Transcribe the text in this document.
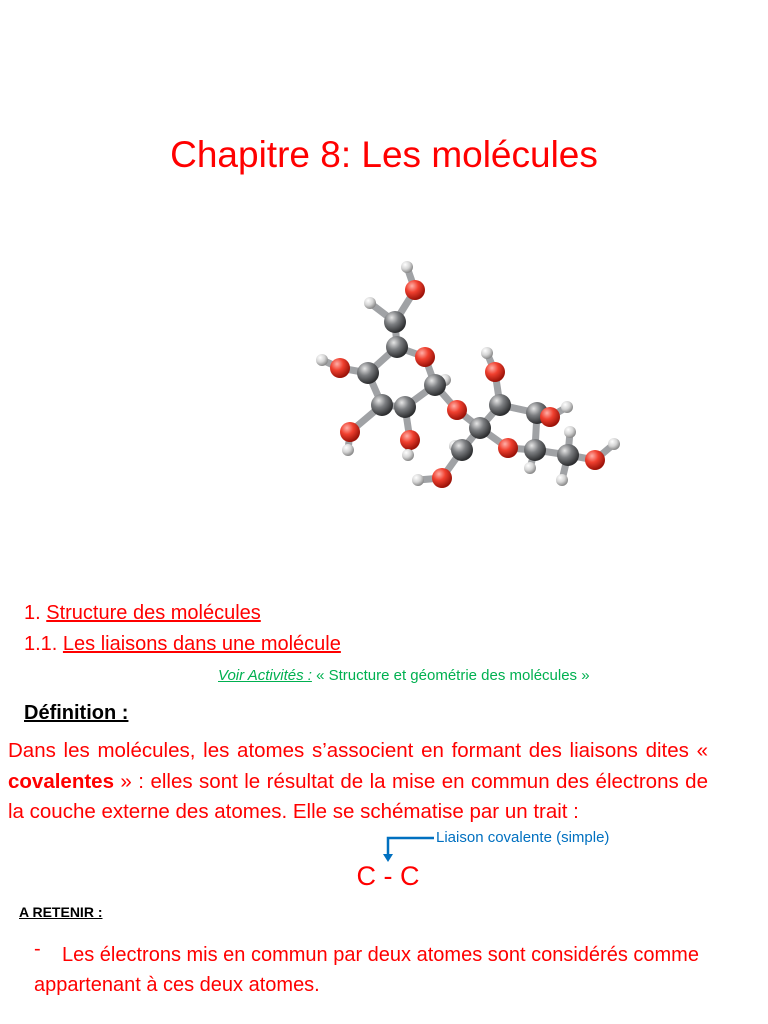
Chapitre 8: Les molécules
1. Structure des molécules
1.1. Les liaisons dans une molécule
Voir Activités : « Structure et géométrie des molécules »
Définition :
Dans les molécules, les atomes s’associent en formant des liaisons dites « covalentes » : elles sont le résultat de la mise en commun des électrons de la couche externe des atomes. Elle se schématise par un trait :
Liaison covalente (simple)
C - C
A RETENIR :
-	Les électrons mis en commun par deux atomes sont considérés comme appartenant à ces deux atomes.
